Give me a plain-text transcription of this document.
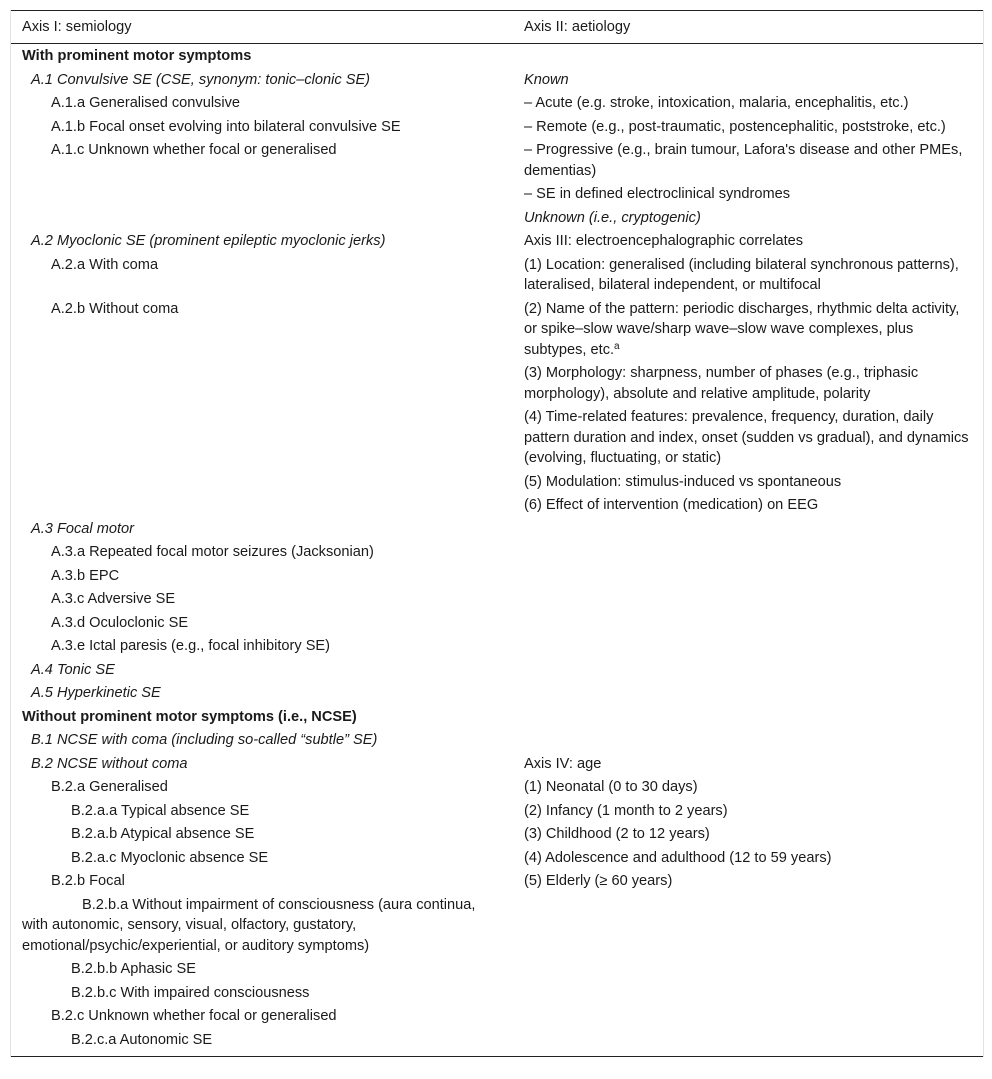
Axis I: semiology	Axis II: aetiology
With prominent motor symptoms	
A.1 Convulsive SE (CSE, synonym: tonic–clonic SE)	Known
A.1.a Generalised convulsive	– Acute (e.g. stroke, intoxication, malaria, encephalitis, etc.)
A.1.b Focal onset evolving into bilateral convulsive SE	– Remote (e.g., post-traumatic, postencephalitic, poststroke, etc.)
A.1.c Unknown whether focal or generalised	– Progressive (e.g., brain tumour, Lafora's disease and other PMEs, dementias)
	– SE in defined electroclinical syndromes
	Unknown (i.e., cryptogenic)
A.2 Myoclonic SE (prominent epileptic myoclonic jerks)	Axis III: electroencephalographic correlates
A.2.a With coma	(1) Location: generalised (including bilateral synchronous patterns), lateralised, bilateral independent, or multifocal
A.2.b Without coma	(2) Name of the pattern: periodic discharges, rhythmic delta activity, or spike–slow wave/sharp wave–slow wave complexes, plus subtypes, etc.$^a$
	(3) Morphology: sharpness, number of phases (e.g., triphasic morphology), absolute and relative amplitude, polarity
	(4) Time-related features: prevalence, frequency, duration, daily pattern duration and index, onset (sudden vs gradual), and dynamics (evolving, fluctuating, or static)
	(5) Modulation: stimulus-induced vs spontaneous
	(6) Effect of intervention (medication) on EEG
A.3 Focal motor	
A.3.a Repeated focal motor seizures (Jacksonian)	
A.3.b EPC	
A.3.c Adversive SE	
A.3.d Oculoclonic SE	
A.3.e Ictal paresis (e.g., focal inhibitory SE)	
A.4 Tonic SE	
A.5 Hyperkinetic SE	
Without prominent motor symptoms (i.e., NCSE)	
B.1 NCSE with coma (including so-called “subtle” SE)	
B.2 NCSE without coma	Axis IV: age
B.2.a Generalised	(1) Neonatal (0 to 30 days)
B.2.a.a Typical absence SE	(2) Infancy (1 month to 2 years)
B.2.a.b Atypical absence SE	(3) Childhood (2 to 12 years)
B.2.a.c Myoclonic absence SE	(4) Adolescence and adulthood (12 to 59 years)
B.2.b Focal	(5) Elderly (≥ 60 years)
B.2.b.a Without impairment of consciousness (aura continua, with autonomic, sensory, visual, olfactory, gustatory, emotional/psychic/experiential, or auditory symptoms)	
B.2.b.b Aphasic SE	
B.2.b.c With impaired consciousness	
B.2.c Unknown whether focal or generalised	
B.2.c.a Autonomic SE	
